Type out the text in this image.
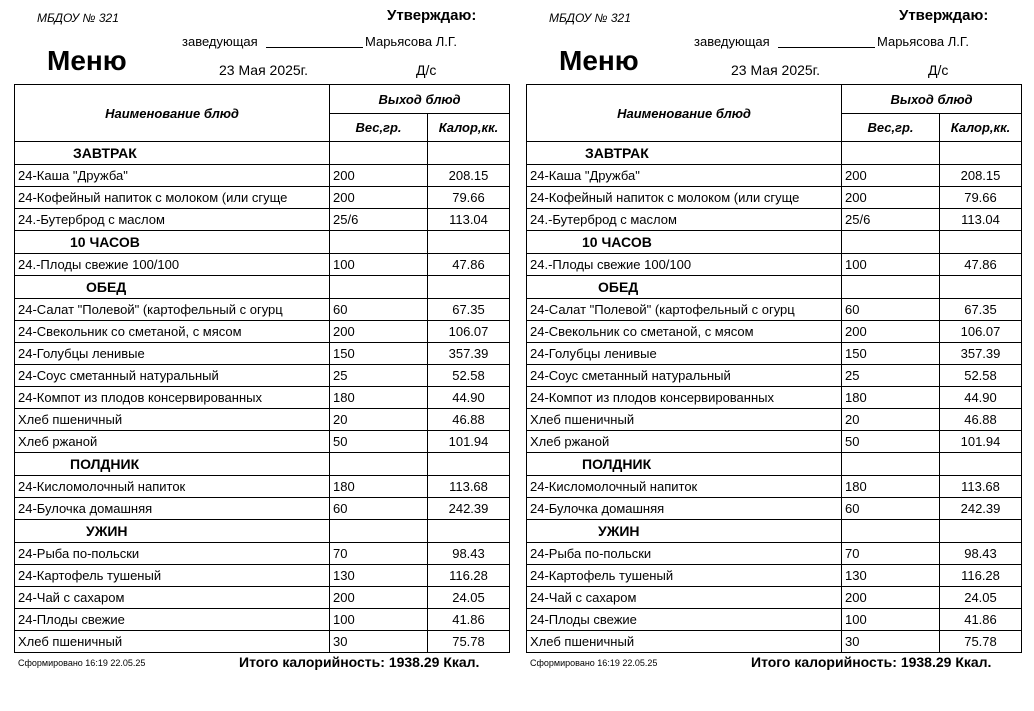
МБДОУ № 321	Утверждаю:
заведующая	Марьясова Л.Г.
Меню	23 Мая 2025г.	Д/с
Наименование блюд	Выход блюд	
	Вес,гр.	Калор,кк.
ЗАВТРАК		
24-Каша "Дружба"	200	208.15
24-Кофейный напиток с молоком (или сгуще	200	79.66
24.-Бутерброд с маслом	25/6	113.04
10 ЧАСОВ		
24.-Плоды свежие 100/100	100	47.86
ОБЕД		
24-Салат "Полевой" (картофельный с огурц	60	67.35
24-Свекольник со сметаной, с мясом	200	106.07
24-Голубцы ленивые	150	357.39
24-Соус сметанный натуральный	25	52.58
24-Компот из плодов консервированных	180	44.90
Хлеб пшеничный	20	46.88
Хлеб ржаной	50	101.94
ПОЛДНИК		
24-Кисломолочный напиток	180	113.68
24-Булочка домашняя	60	242.39
УЖИН		
24-Рыба по-польски	70	98.43
24-Картофель тушеный	130	116.28
24-Чай с сахаром	200	24.05
24-Плоды свежие	100	41.86
Хлеб пшеничный	30	75.78
Сформировано 16:19 22.05.25	Итого калорийность: 1938.29 Ккал.
МБДОУ № 321	Утверждаю:
заведующая	Марьясова Л.Г.
Меню	23 Мая 2025г.	Д/с
Наименование блюд	Выход блюд	
	Вес,гр.	Калор,кк.
ЗАВТРАК		
24-Каша "Дружба"	200	208.15
24-Кофейный напиток с молоком (или сгуще	200	79.66
24.-Бутерброд с маслом	25/6	113.04
10 ЧАСОВ		
24.-Плоды свежие 100/100	100	47.86
ОБЕД		
24-Салат "Полевой" (картофельный с огурц	60	67.35
24-Свекольник со сметаной, с мясом	200	106.07
24-Голубцы ленивые	150	357.39
24-Соус сметанный натуральный	25	52.58
24-Компот из плодов консервированных	180	44.90
Хлеб пшеничный	20	46.88
Хлеб ржаной	50	101.94
ПОЛДНИК		
24-Кисломолочный напиток	180	113.68
24-Булочка домашняя	60	242.39
УЖИН		
24-Рыба по-польски	70	98.43
24-Картофель тушеный	130	116.28
24-Чай с сахаром	200	24.05
24-Плоды свежие	100	41.86
Хлеб пшеничный	30	75.78
Сформировано 16:19 22.05.25	Итого калорийность: 1938.29 Ккал.
